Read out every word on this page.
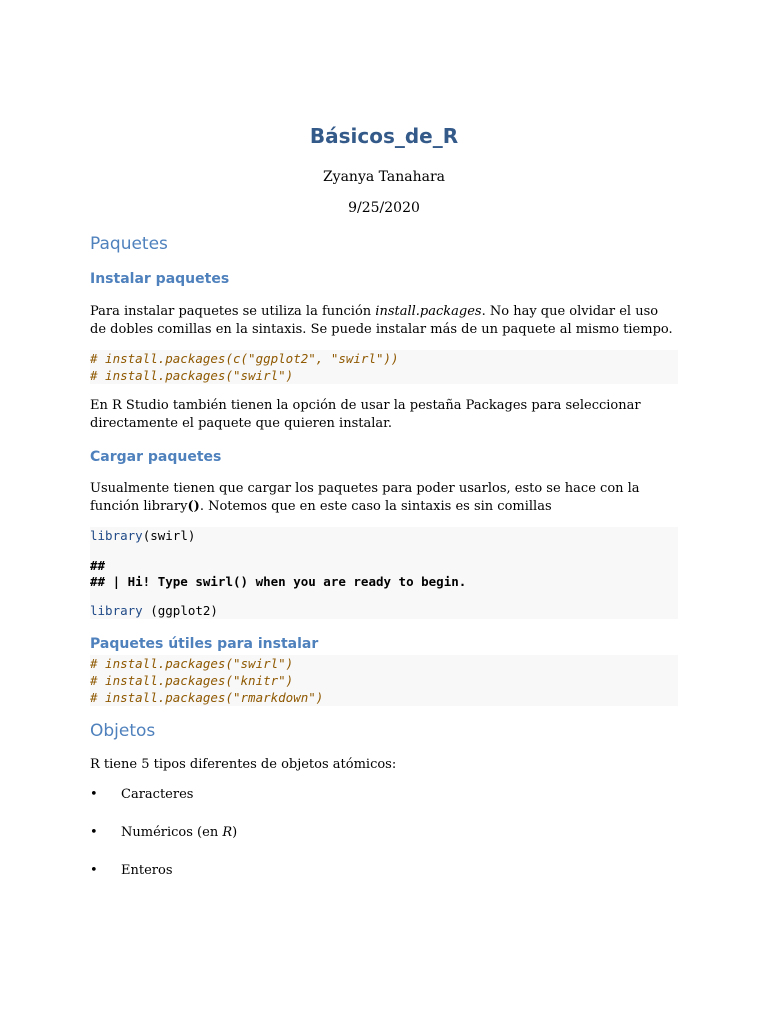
Básicos_de_R

Zyanya Tanahara

9/25/2020

Paquetes
Instalar paquetes

Para instalar paquetes se utiliza la función install.packages. No hay que olvidar el uso de dobles comillas en la sintaxis. Se puede instalar más de un paquete al mismo tiempo.

# install.packages(c("ggplot2", "swirl"))
# install.packages("swirl")

En R Studio también tienen la opción de usar la pestaña Packages para seleccionar directamente el paquete que quieren instalar.

Cargar paquetes

Usualmente tienen que cargar los paquetes para poder usarlos, esto se hace con la función library(). Notemos que en este caso la sintaxis es sin comillas

library(swirl)
##
## | Hi! Type swirl() when you are ready to begin.
library (ggplot2)
Paquetes útiles para instalar
# install.packages("swirl")
# install.packages("knitr")
# install.packages("rmarkdown")
Objetos

R tiene 5 tipos diferentes de objetos atómicos:

• Caracteres
• Numéricos (en R)
• Enteros
